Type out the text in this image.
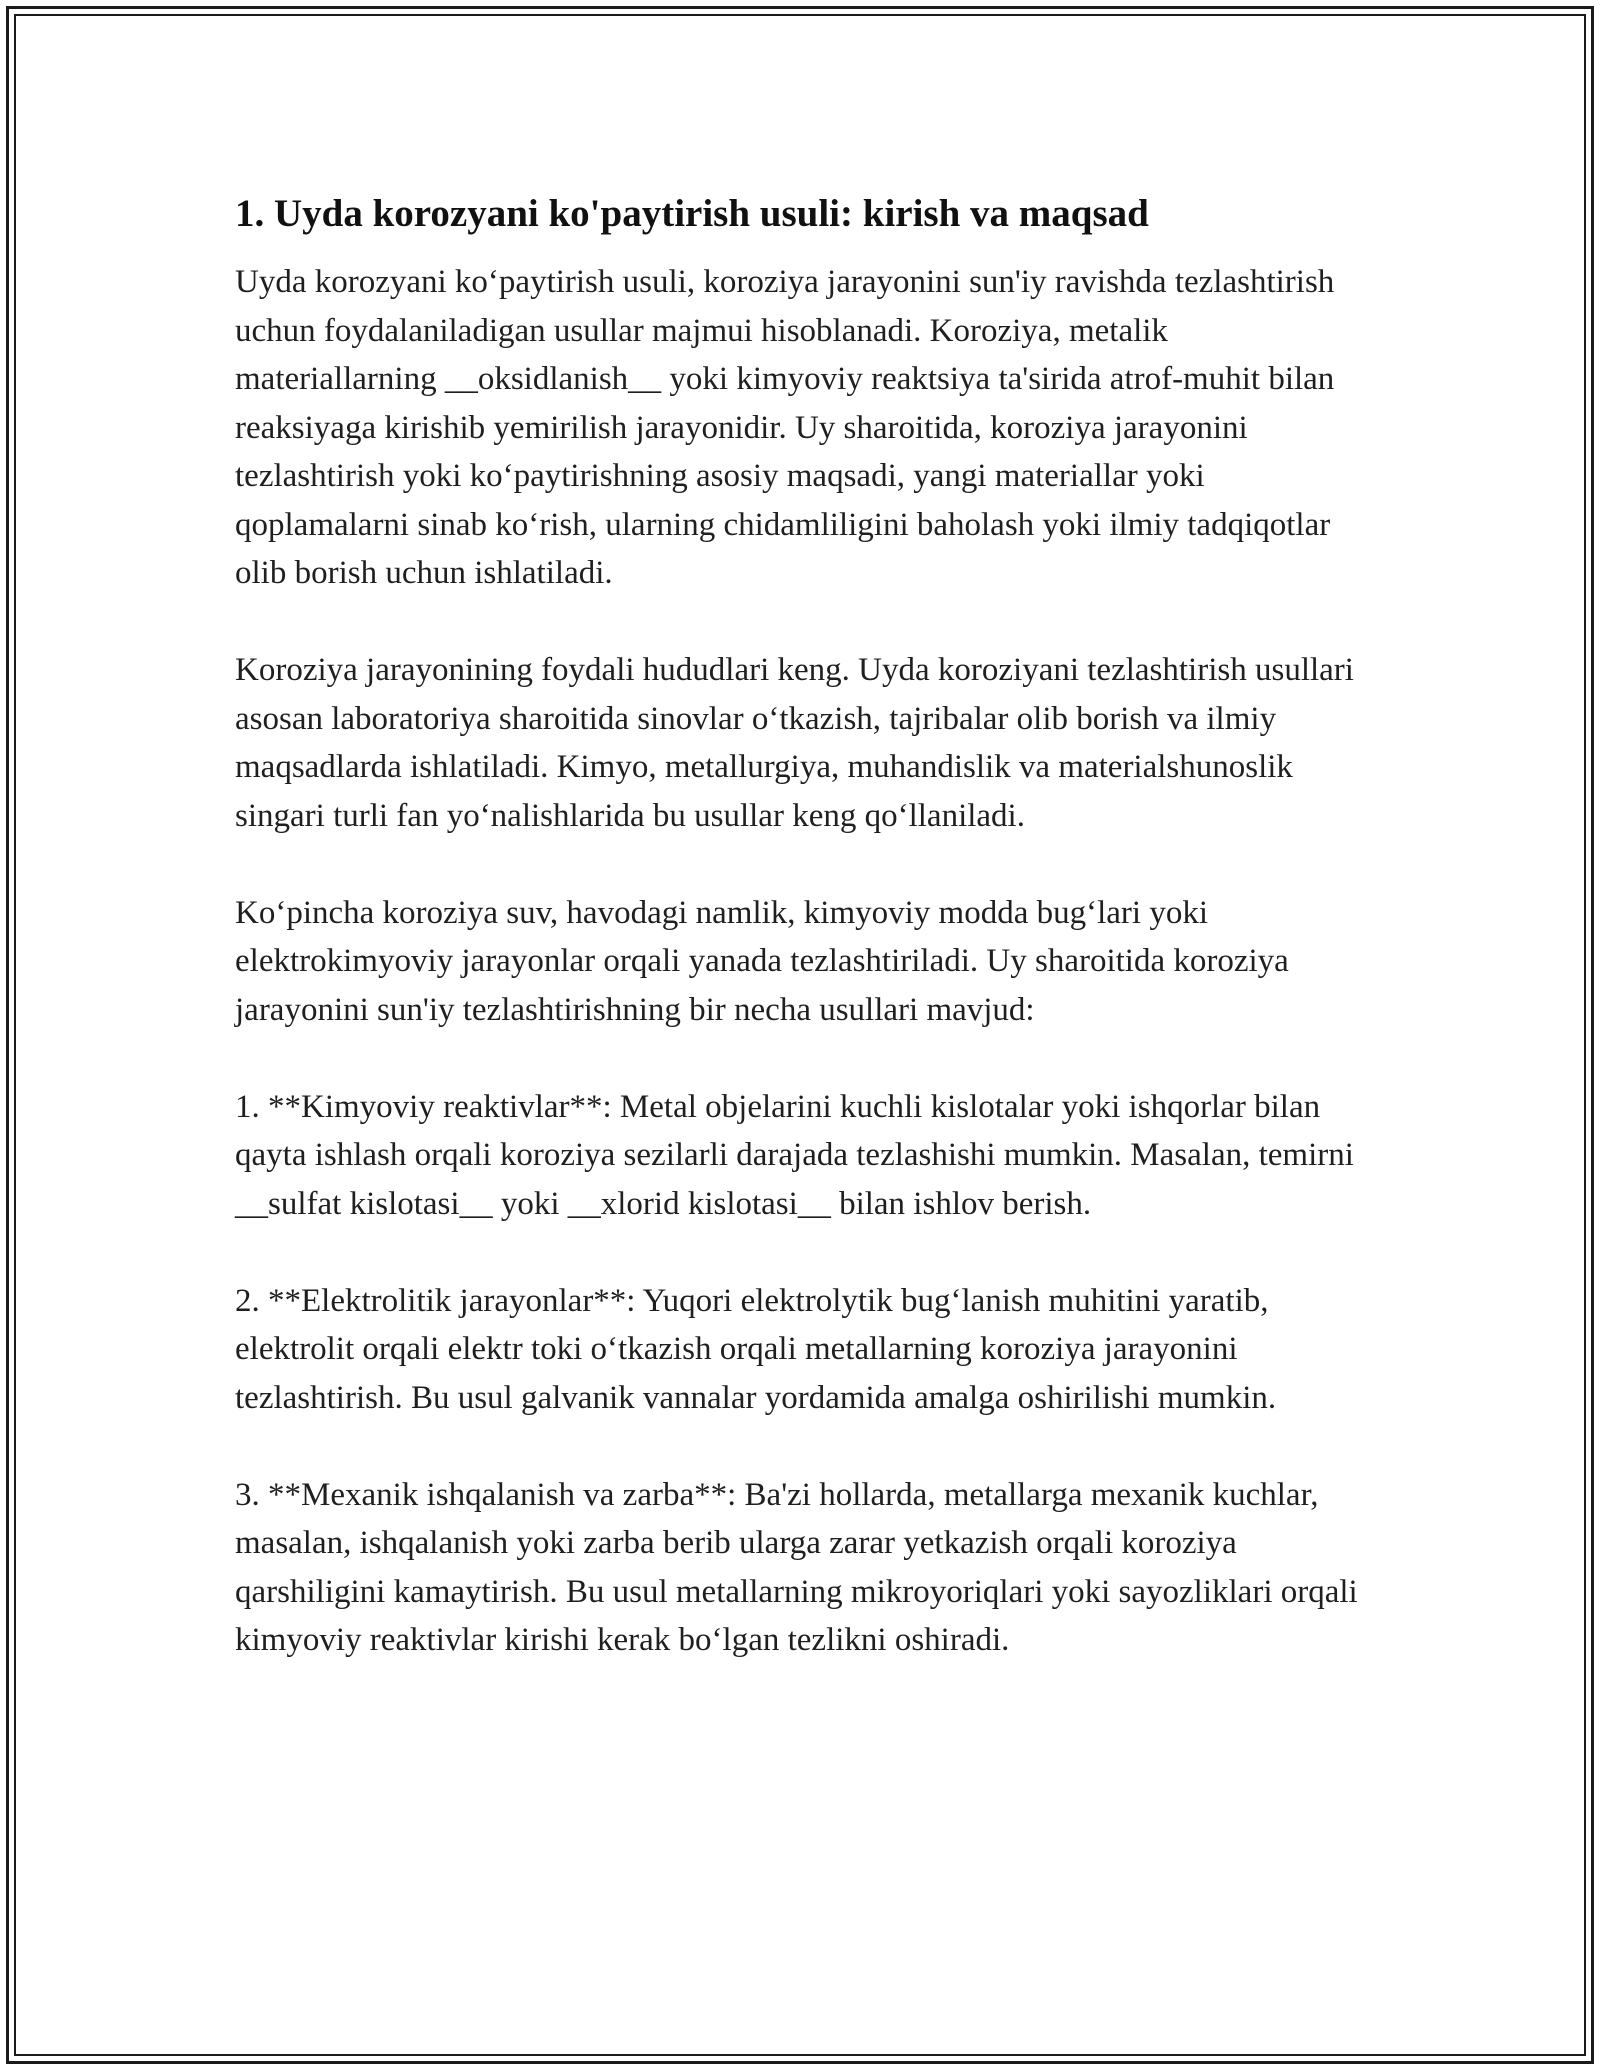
1. Uyda korozyani ko'paytirish usuli: kirish va maqsad

Uyda korozyani ko‘paytirish usuli, koroziya jarayonini sun'iy ravishda tezlashtirish uchun foydalaniladigan usullar majmui hisoblanadi. Koroziya, metalik materiallarning __oksidlanish__ yoki kimyoviy reaktsiya ta'sirida atrof-muhit bilan reaksiyaga kirishib yemirilish jarayonidir. Uy sharoitida, koroziya jarayonini tezlashtirish yoki ko‘paytirishning asosiy maqsadi, yangi materiallar yoki qoplamalarni sinab ko‘rish, ularning chidamliligini baholash yoki ilmiy tadqiqotlar olib borish uchun ishlatiladi.

Koroziya jarayonining foydali hududlari keng. Uyda koroziyani tezlashtirish usullari asosan laboratoriya sharoitida sinovlar o‘tkazish, tajribalar olib borish va ilmiy maqsadlarda ishlatiladi. Kimyo, metallurgiya, muhandislik va materialshunoslik singari turli fan yo‘nalishlarida bu usullar keng qo‘llaniladi.

Ko‘pincha koroziya suv, havodagi namlik, kimyoviy modda bug‘lari yoki elektrokimyoviy jarayonlar orqali yanada tezlashtiriladi. Uy sharoitida koroziya jarayonini sun'iy tezlashtirishning bir necha usullari mavjud:

1. **Kimyoviy reaktivlar**: Metal objelarini kuchli kislotalar yoki ishqorlar bilan qayta ishlash orqali koroziya sezilarli darajada tezlashishi mumkin. Masalan, temirni __sulfat kislotasi__ yoki __xlorid kislotasi__ bilan ishlov berish.

2. **Elektrolitik jarayonlar**: Yuqori elektrolytik bug‘lanish muhitini yaratib, elektrolit orqali elektr toki o‘tkazish orqali metallarning koroziya jarayonini tezlashtirish. Bu usul galvanik vannalar yordamida amalga oshirilishi mumkin.

3. **Mexanik ishqalanish va zarba**: Ba'zi hollarda, metallarga mexanik kuchlar, masalan, ishqalanish yoki zarba berib ularga zarar yetkazish orqali koroziya qarshiligini kamaytirish. Bu usul metallarning mikroyoriqlari yoki sayozliklari orqali kimyoviy reaktivlar kirishi kerak bo‘lgan tezlikni oshiradi.
